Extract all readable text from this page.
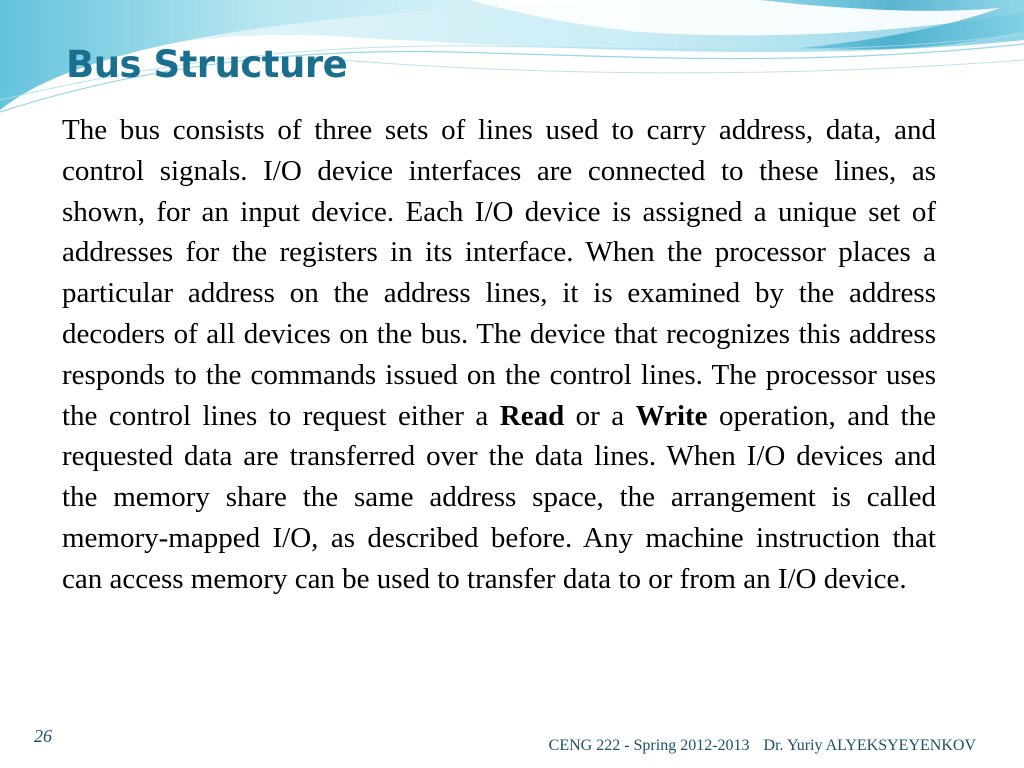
Bus Structure

The bus consists of three sets of lines used to carry address, data, and control signals. I/O device interfaces are connected to these lines, as shown, for an input device. Each I/O device is assigned a unique set of addresses for the registers in its interface. When the processor places a particular address on the address lines, it is examined by the address decoders of all devices on the bus. The device that recognizes this address responds to the commands issued on the control lines. The processor uses the control lines to request either a Read or a Write operation, and the requested data are transferred over the data lines. When I/O devices and the memory share the same address space, the arrangement is called memory-mapped I/O, as described before. Any machine instruction that can access memory can be used to transfer data to or from an I/O device.

26	CENG 222 - Spring 2012-2013 Dr. Yuriy ALYEKSYEYENKOV
